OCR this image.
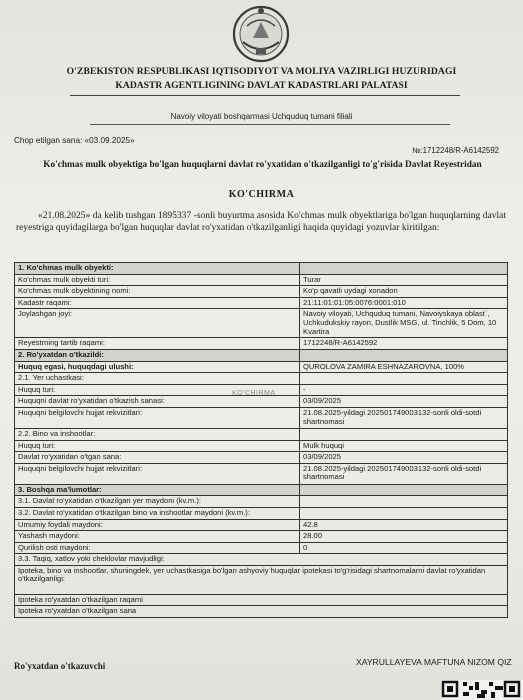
O'ZBEKISTON RESPUBLIKASI IQTISODIYOT VA MOLIYA VAZIRLIGI HUZURIDAGI
KADASTR AGENTLIGINING DAVLAT KADASTRLARI PALATASI
Navoiy viloyati boshqarmasi Uchquduq tumani filiali
Chop etilgan sana: «03.09.2025»
№:1712248/R-A6142592
Ko'chmas mulk obyektiga bo'lgan huquqlarni davlat ro'yxatidan o'tkazilganligi to'g'risida Davlat Reyestridan
KO'CHIRMA
«21.08.2025» da kelib tushgan 1895337 -sonli buyurtma asosida Ko'chmas mulk obyektlariga bo'lgan huquqlarning davlat reyestriga quyidagilarga bo'lgan huquqlar davlat ro'yxatidan o'tkazilganligi haqida quyidagi yozuvlar kiritilgan:
1. Ko'chmas mulk obyekti:	
Ko'chmas mulk obyekti turi:	Turar
Ko'chmas mulk obyektining nomi:	Ko'p qavatli uydagi xonadon
Kadastr raqami:	21:11:01:01:05:0076:0001:010
Joylashgan joyi:	Navoiy viloyati, Uchquduq tumani, Navoiyskaya oblast`, Uchkudukskiy rayon, Dustlik MSG, ul. Tinchlik, 5 Dom, 10 Kvartira
Reyestrning tartib raqami:	1712248/R-A6142592
2. Ro'yxatdan o'tkazildi:	
Huquq egasi, huquqdagi ulushi:	QUROLOVA ZAMIRA ESHNAZAROVNA, 100%
2.1. Yer uchastkasi:	
Huquq turi:	-
Huquqni davlat ro'yxatidan o'tkazish sanasi:	03/09/2025
Huquqni belgilovchi hujjat rekvizitlari:	21.08.2025-yildagi 202501749003132-sonli oldi-sotdi shartnomasi
2.2. Bino va inshootlar:	
Huquq turi:	Mulk huquqi
Davlat ro'yxatidan o'tgan sana:	03/09/2025
Huquqni belgilovchi hujjat rekvizitlari:	21.08.2025-yildagi 202501749003132-sonli oldi-sotdi shartnomasi
3. Boshqa ma'lumotlar:	
3.1. Davlat ro'yxatidan o'tkazilgan yer maydoni (kv.m.):	
3.2. Davlat ro'yxatidan o'tkazilgan bino va inshootlar maydoni (kv.m.):	
Umumiy foydali maydoni:	42.8
Yashash maydoni:	28.00
Qurilish osti maydoni:	0
3.3. Taqiq, xatlov yoki cheklovlar mavjudligi:	
Ipoteka, bino va inshootlar, shuningdek, yer uchastkasiga bo'lgan ashyoviy huquqlar ipotekasi to'g'risidagi shartnomalarni davlat ro'yxatidan o'tkazilganligi:	
Ipoteka ro'yxatdan o'tkazilgan raqami	
Ipoteka ro'yxatdan o'tkazilgan sana	
KO'CHIRMA
Ro'yxatdan o'tkazuvchi	XAYRULLAYEVA MAFTUNA NIZOM QIZ
